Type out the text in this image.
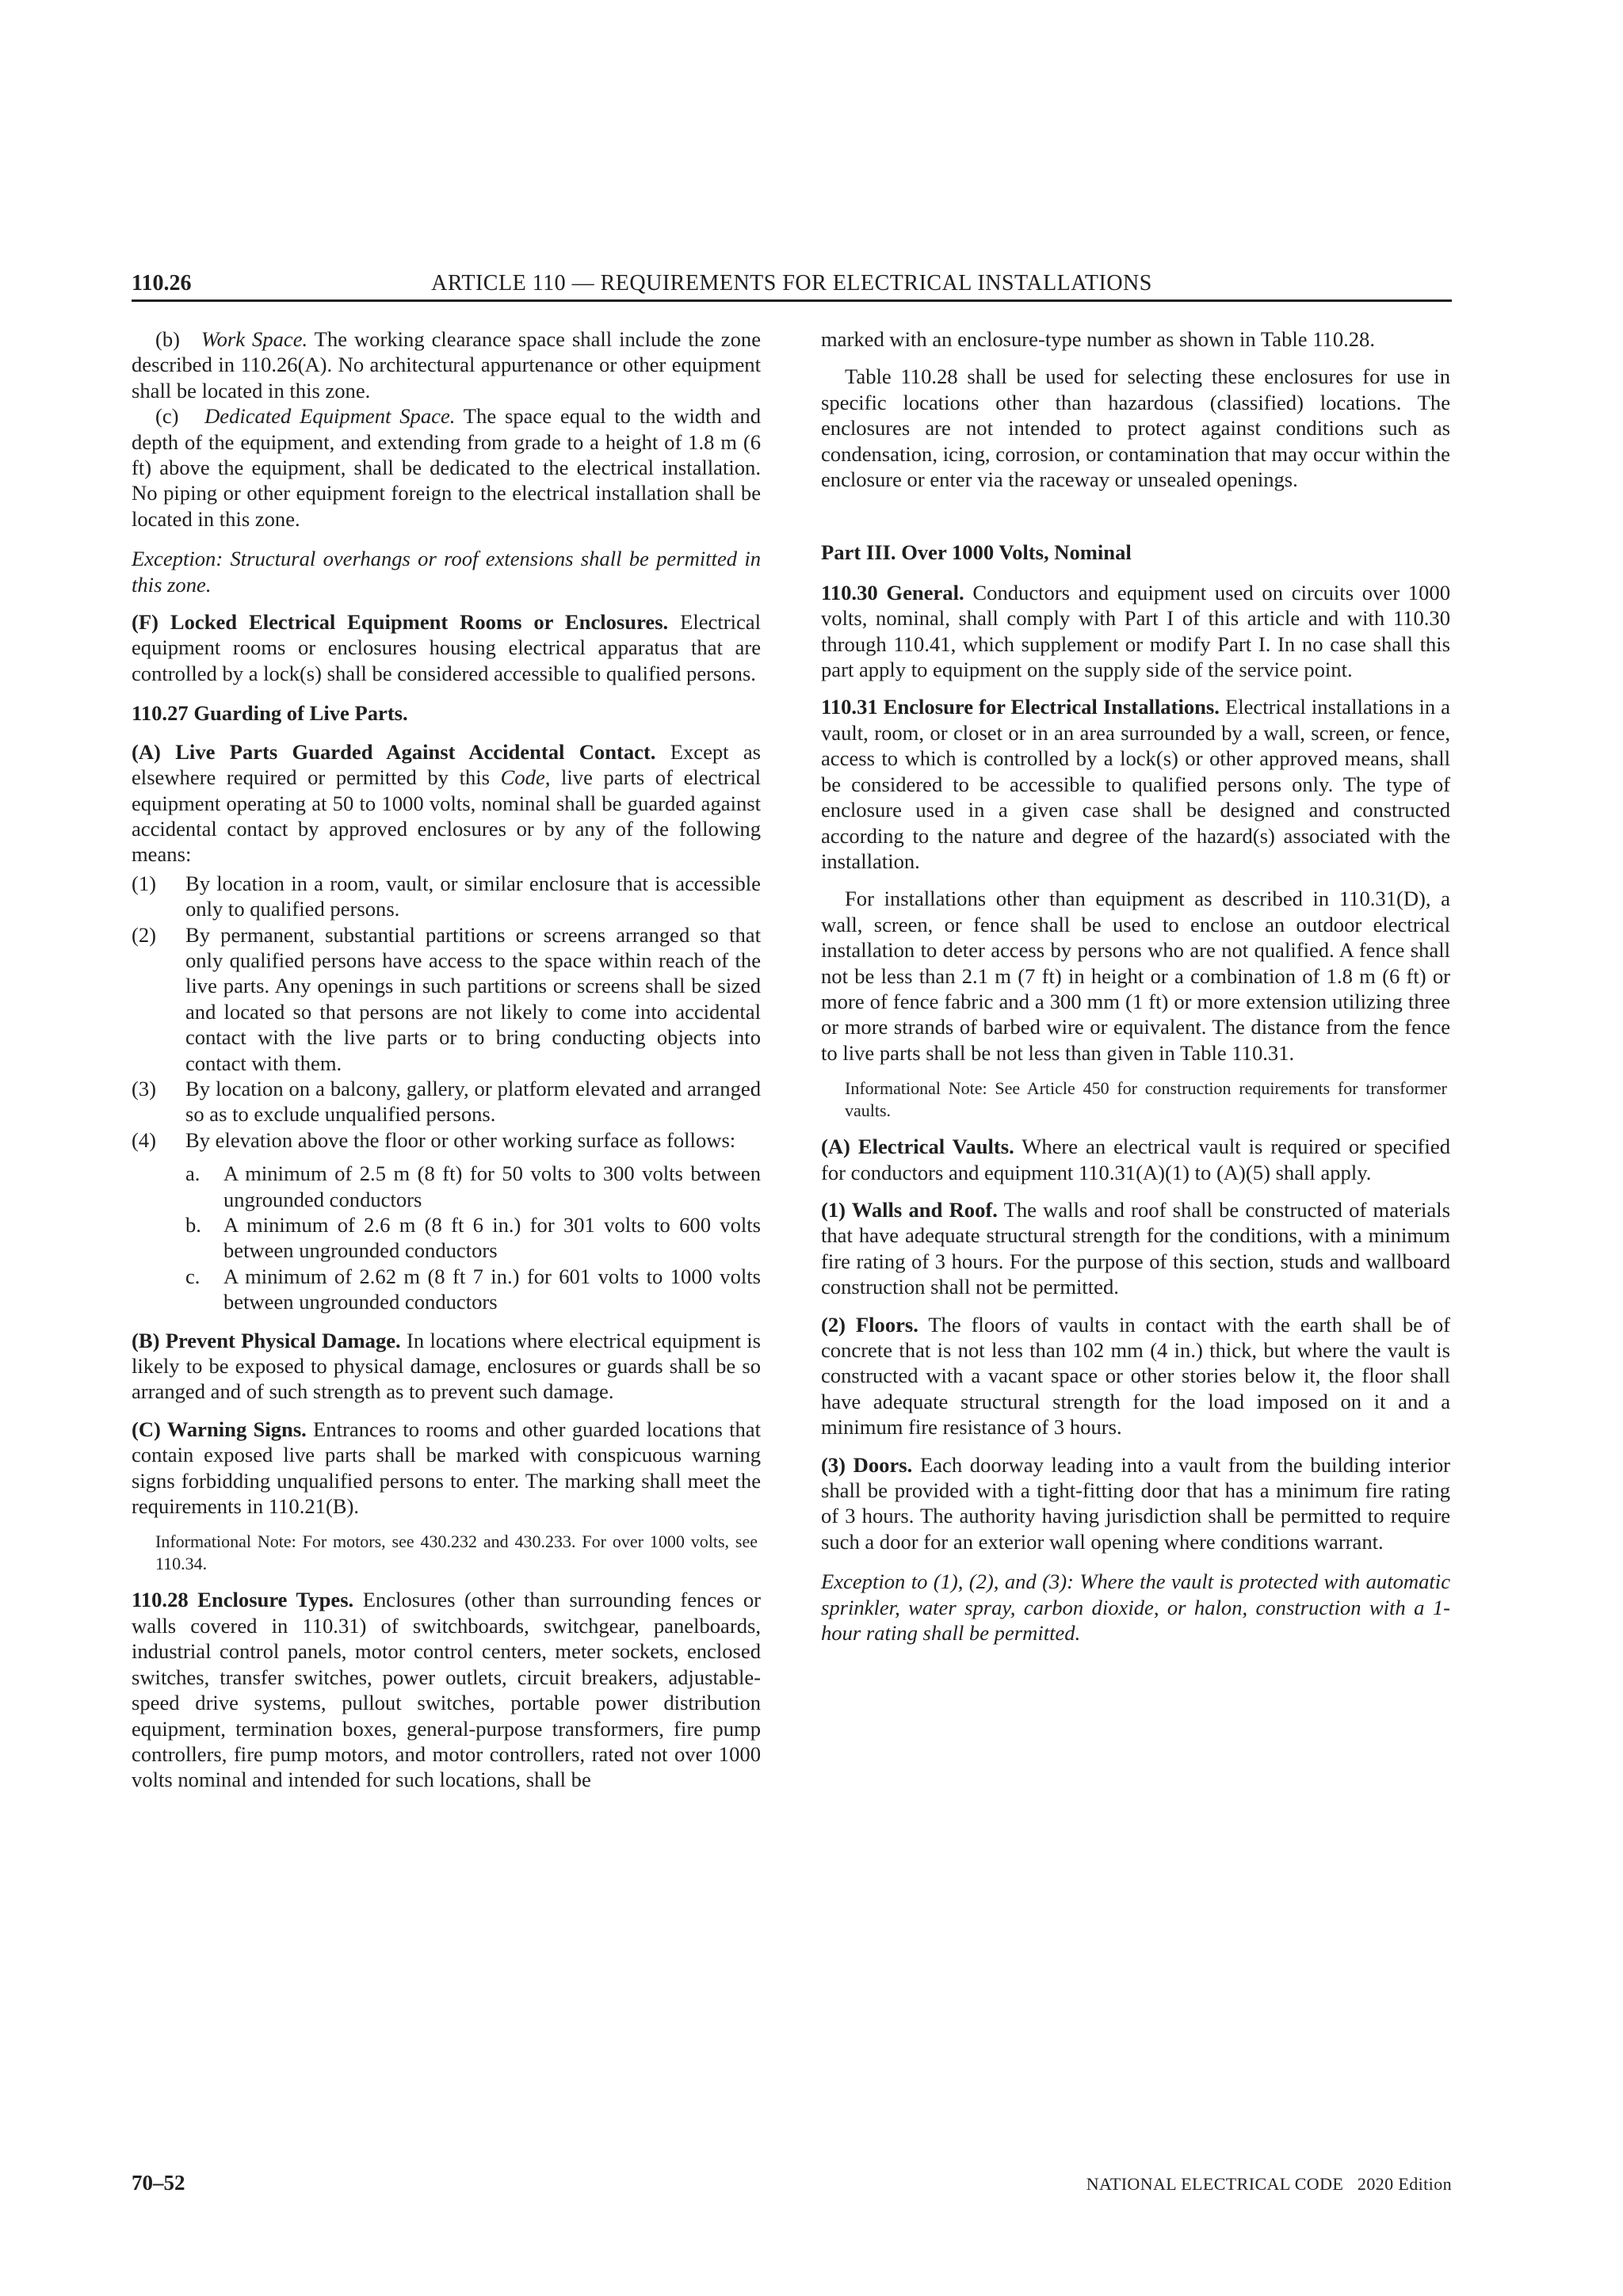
110.26	ARTICLE 110 — REQUIREMENTS FOR ELECTRICAL INSTALLATIONS

(b) Work Space. The working clearance space shall include the zone described in 110.26(A). No architectural appurtenance or other equipment shall be located in this zone.

(c) Dedicated Equipment Space. The space equal to the width and depth of the equipment, and extending from grade to a height of 1.8 m (6 ft) above the equipment, shall be dedicated to the electrical installation. No piping or other equipment foreign to the electrical installation shall be located in this zone.

Exception: Structural overhangs or roof extensions shall be permitted in this zone.

(F) Locked Electrical Equipment Rooms or Enclosures. Electrical equipment rooms or enclosures housing electrical apparatus that are controlled by a lock(s) shall be considered accessible to qualified persons.

110.27 Guarding of Live Parts.

(A) Live Parts Guarded Against Accidental Contact. Except as elsewhere required or permitted by this Code, live parts of electrical equipment operating at 50 to 1000 volts, nominal shall be guarded against accidental contact by approved enclosures or by any of the following means:

(1) By location in a room, vault, or similar enclosure that is accessible only to qualified persons.
(2) By permanent, substantial partitions or screens arranged so that only qualified persons have access to the space within reach of the live parts. Any openings in such partitions or screens shall be sized and located so that persons are not likely to come into accidental contact with the live parts or to bring conducting objects into contact with them.
(3) By location on a balcony, gallery, or platform elevated and arranged so as to exclude unqualified persons.
(4) By elevation above the floor or other working surface as follows:
a. A minimum of 2.5 m (8 ft) for 50 volts to 300 volts between ungrounded conductors
b. A minimum of 2.6 m (8 ft 6 in.) for 301 volts to 600 volts between ungrounded conductors
c. A minimum of 2.62 m (8 ft 7 in.) for 601 volts to 1000 volts between ungrounded conductors

(B) Prevent Physical Damage. In locations where electrical equipment is likely to be exposed to physical damage, enclosures or guards shall be so arranged and of such strength as to prevent such damage.

(C) Warning Signs. Entrances to rooms and other guarded locations that contain exposed live parts shall be marked with conspicuous warning signs forbidding unqualified persons to enter. The marking shall meet the requirements in 110.21(B).

Informational Note: For motors, see 430.232 and 430.233. For over 1000 volts, see 110.34.

110.28 Enclosure Types. Enclosures (other than surrounding fences or walls covered in 110.31) of switchboards, switchgear, panelboards, industrial control panels, motor control centers, meter sockets, enclosed switches, transfer switches, power outlets, circuit breakers, adjustable-speed drive systems, pullout switches, portable power distribution equipment, termination boxes, general-purpose transformers, fire pump controllers, fire pump motors, and motor controllers, rated not over 1000 volts nominal and intended for such locations, shall be

marked with an enclosure-type number as shown in Table 110.28.

Table 110.28 shall be used for selecting these enclosures for use in specific locations other than hazardous (classified) locations. The enclosures are not intended to protect against conditions such as condensation, icing, corrosion, or contamination that may occur within the enclosure or enter via the raceway or unsealed openings.

Part III. Over 1000 Volts, Nominal

110.30 General. Conductors and equipment used on circuits over 1000 volts, nominal, shall comply with Part I of this article and with 110.30 through 110.41, which supplement or modify Part I. In no case shall this part apply to equipment on the supply side of the service point.

110.31 Enclosure for Electrical Installations. Electrical installations in a vault, room, or closet or in an area surrounded by a wall, screen, or fence, access to which is controlled by a lock(s) or other approved means, shall be considered to be accessible to qualified persons only. The type of enclosure used in a given case shall be designed and constructed according to the nature and degree of the hazard(s) associated with the installation.

For installations other than equipment as described in 110.31(D), a wall, screen, or fence shall be used to enclose an outdoor electrical installation to deter access by persons who are not qualified. A fence shall not be less than 2.1 m (7 ft) in height or a combination of 1.8 m (6 ft) or more of fence fabric and a 300 mm (1 ft) or more extension utilizing three or more strands of barbed wire or equivalent. The distance from the fence to live parts shall be not less than given in Table 110.31.

Informational Note: See Article 450 for construction requirements for transformer vaults.

(A) Electrical Vaults. Where an electrical vault is required or specified for conductors and equipment 110.31(A)(1) to (A)(5) shall apply.

(1) Walls and Roof. The walls and roof shall be constructed of materials that have adequate structural strength for the conditions, with a minimum fire rating of 3 hours. For the purpose of this section, studs and wallboard construction shall not be permitted.

(2) Floors. The floors of vaults in contact with the earth shall be of concrete that is not less than 102 mm (4 in.) thick, but where the vault is constructed with a vacant space or other stories below it, the floor shall have adequate structural strength for the load imposed on it and a minimum fire resistance of 3 hours.

(3) Doors. Each doorway leading into a vault from the building interior shall be provided with a tight-fitting door that has a minimum fire rating of 3 hours. The authority having jurisdiction shall be permitted to require such a door for an exterior wall opening where conditions warrant.

Exception to (1), (2), and (3): Where the vault is protected with automatic sprinkler, water spray, carbon dioxide, or halon, construction with a 1-hour rating shall be permitted.

70–52	NATIONAL ELECTRICAL CODE   2020 Edition
